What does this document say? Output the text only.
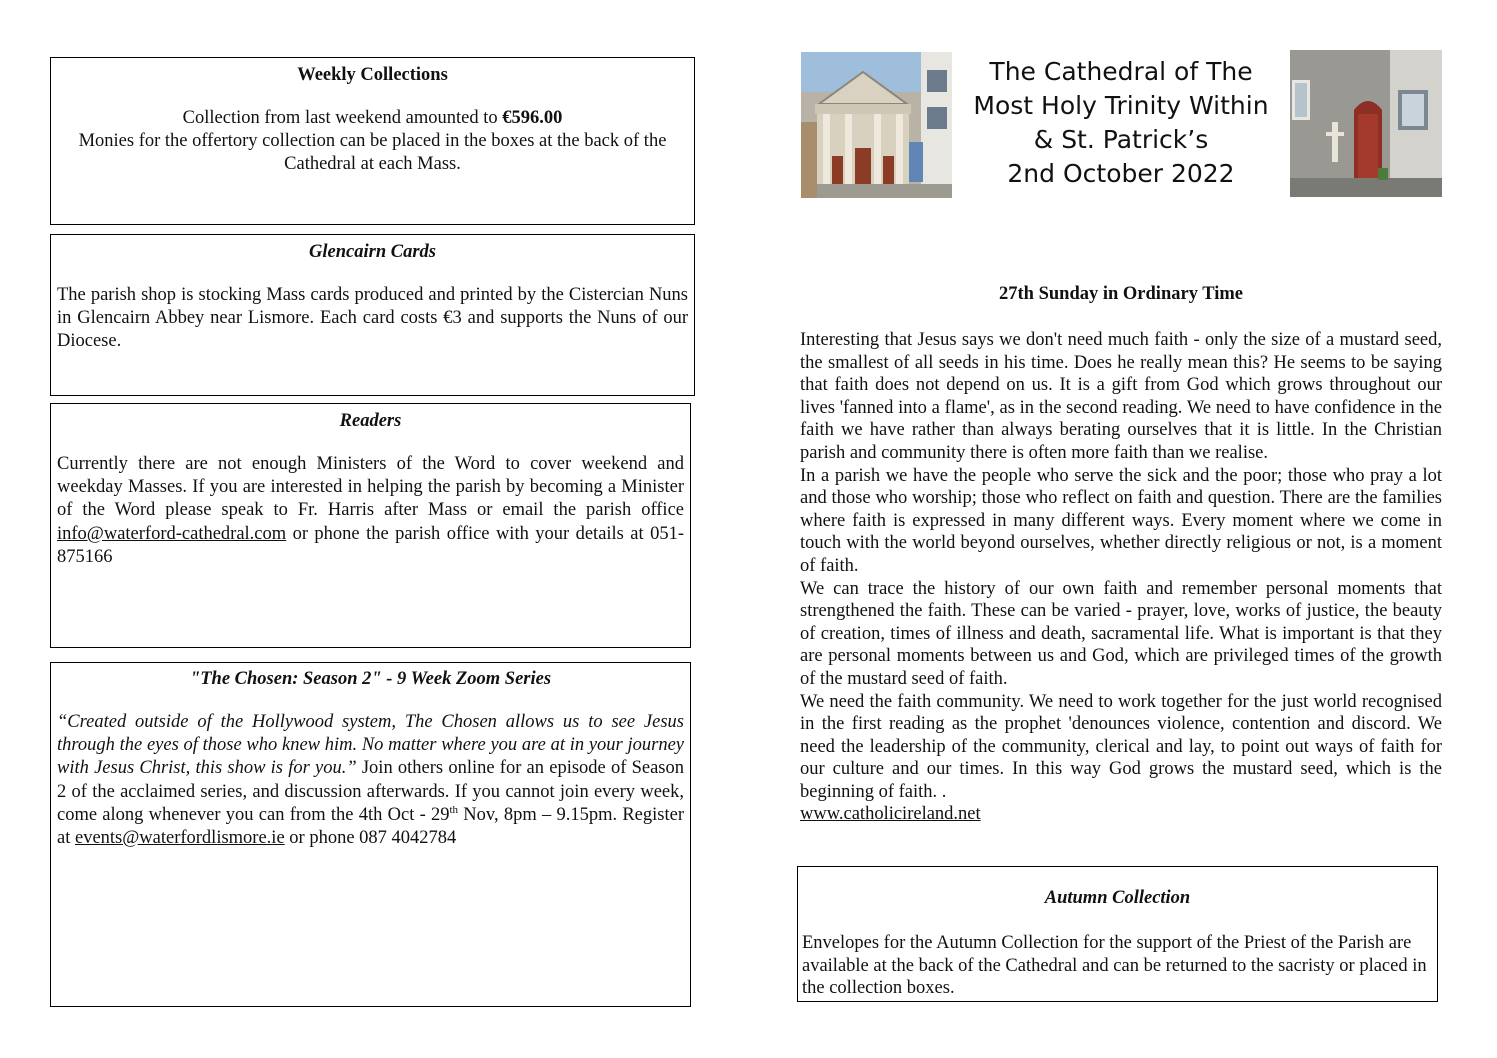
Weekly Collections

Collection from last weekend amounted to €596.00

Monies for the offertory collection can be placed in the boxes at the back of the Cathedral at each Mass.

Glencairn Cards

The parish shop is stocking Mass cards produced and printed by the Cistercian Nuns in Glencairn Abbey near Lismore. Each card costs €3 and supports the Nuns of our Diocese.

Readers

Currently there are not enough Ministers of the Word to cover weekend and weekday Masses. If you are interested in helping the parish by becoming a Minister of the Word please speak to Fr. Harris after Mass or email the parish office info@waterford-cathedral.com or phone the parish office with your details at 051-875166

"The Chosen: Season 2" - 9 Week Zoom Series

“Created outside of the Hollywood system, The Chosen allows us to see Jesus through the eyes of those who knew him. No matter where you are at in your journey with Jesus Christ, this show is for you.” Join others online for an episode of Season 2 of the acclaimed series, and discussion afterwards. If you cannot join every week, come along whenever you can from the 4th Oct - 29th Nov, 8pm – 9.15pm. Register at events@waterfordlismore.ie or phone 087 4042784

The Cathedral of The
Most Holy Trinity Within
& St. Patrick’s
2nd October 2022
27th Sunday in Ordinary Time

Interesting that Jesus says we don't need much faith - only the size of a mustard seed, the smallest of all seeds in his time. Does he really mean this? He seems to be saying that faith does not depend on us. It is a gift from God which grows throughout our lives 'fanned into a flame', as in the second reading. We need to have confidence in the faith we have rather than always berating ourselves that it is little. In the Christian parish and community there is often more faith than we realise.

In a parish we have the people who serve the sick and the poor; those who pray a lot and those who worship; those who reflect on faith and question. There are the families where faith is expressed in many different ways. Every moment where we come in touch with the world beyond ourselves, whether directly religious or not, is a moment of faith.

We can trace the history of our own faith and remember personal moments that strengthened the faith. These can be varied - prayer, love, works of justice, the beauty of creation, times of illness and death, sacramental life. What is important is that they are personal moments between us and God, which are privileged times of the growth of the mustard seed of faith.

We need the faith community. We need to work together for the just world recognised in the first reading as the prophet 'denounces violence, contention and discord. We need the leadership of the community, clerical and lay, to point out ways of faith for our culture and our times. In this way God grows the mustard seed, which is the beginning of faith. .
www.catholicireland.net

Autumn Collection

Envelopes for the Autumn Collection for the support of the Priest of the Parish are available at the back of the Cathedral and can be returned to the sacristy or placed in the collection boxes.
